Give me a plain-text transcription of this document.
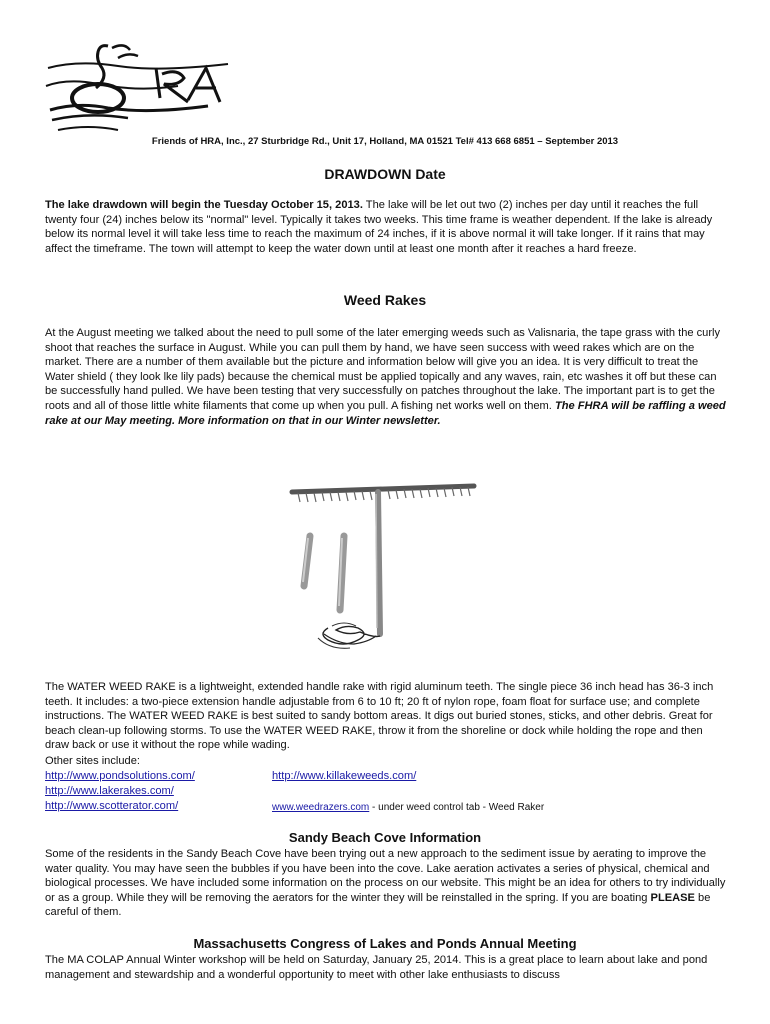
Friends of HRA, Inc., 27 Sturbridge Rd., Unit 17, Holland, MA 01521 Tel# 413 668 6851 – September 2013
DRAWDOWN Date

The lake drawdown will begin the Tuesday October 15, 2013. The lake will be let out two (2) inches per day until it reaches the full twenty four (24) inches below its "normal" level. Typically it takes two weeks. This time frame is weather dependent. If the lake is already below its normal level it will take less time to reach the maximum of 24 inches, if it is above normal it will take longer. If it rains that may affect the timeframe. The town will attempt to keep the water down until at least one month after it reaches a hard freeze.

Weed Rakes

At the August meeting we talked about the need to pull some of the later emerging weeds such as Valisnaria, the tape grass with the curly shoot that reaches the surface in August. While you can pull them by hand, we have seen success with weed rakes which are on the market. There are a number of them available but the picture and information below will give you an idea. It is very difficult to treat the Water shield ( they look lke lily pads) because the chemical must be applied topically and any waves, rain, etc washes it off but these can be successfully hand pulled. We have been testing that very successfully on patches throughout the lake. The important part is to get the roots and all of those little white filaments that come up when you pull. A fishing net works well on them. The FHRA will be raffling a weed rake at our May meeting. More information on that in our Winter newsletter.

The WATER WEED RAKE is a lightweight, extended handle rake with rigid aluminum teeth. The single piece 36 inch head has 36-3 inch teeth. It includes: a two-piece extension handle adjustable from 6 to 10 ft; 20 ft of nylon rope, foam float for surface use; and complete instructions. The WATER WEED RAKE is best suited to sandy bottom areas. It digs out buried stones, sticks, and other debris. Great for beach clean-up following storms. To use the WATER WEED RAKE, throw it from the shoreline or dock while holding the rope and then draw back or use it without the rope while wading.

Other sites include:
http://www.pondsolutions.com/	http://www.killakeweeds.com/
http://www.lakerakes.com/
http://www.scotterator.com/	www.weedrazers.com - under weed control tab - Weed Raker
Sandy Beach Cove Information

Some of the residents in the Sandy Beach Cove have been trying out a new approach to the sediment issue by aerating to improve the water quality. You may have seen the bubbles if you have been into the cove. Lake aeration activates a series of physical, chemical and biological processes. We have included some information on the process on our website. This might be an idea for others to try individually or as a group. While they will be removing the aerators for the winter they will be reinstalled in the spring. If you are boating PLEASE be careful of them.

Massachusetts Congress of Lakes and Ponds Annual Meeting

The MA COLAP Annual Winter workshop will be held on Saturday, January 25, 2014. This is a great place to learn about lake and pond management and stewardship and a wonderful opportunity to meet with other lake enthusiasts to discuss
